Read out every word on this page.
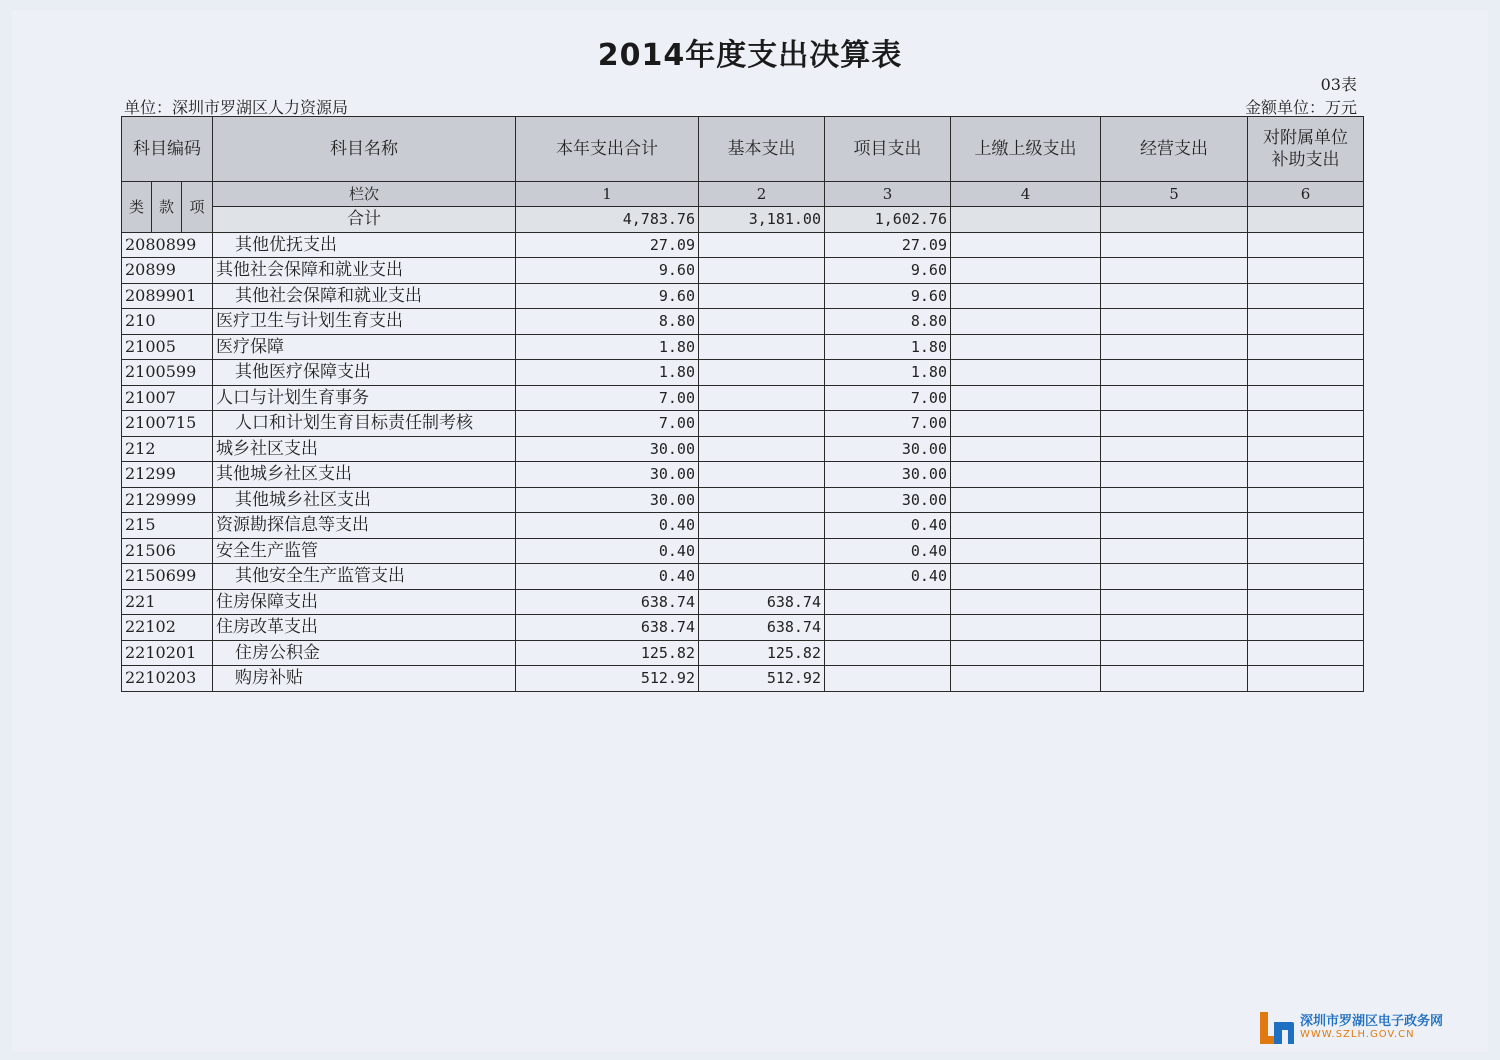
2014年度支出决算表
03表
单位：深圳市罗湖区人力资源局	金额单位：万元
科目编码			科目名称	本年支出合计	基本支出	项目支出	上缴上级支出	经营支出	对附属单位
补助支出
类	款	项	栏次	1	2	3	4	5	6
			合计	4,783.76	3,181.00	1,602.76			
2080899			其他优抚支出	27.09		27.09			
20899			其他社会保障和就业支出	9.60		9.60			
2089901			其他社会保障和就业支出	9.60		9.60			
210			医疗卫生与计划生育支出	8.80		8.80			
21005			医疗保障	1.80		1.80			
2100599			其他医疗保障支出	1.80		1.80			
21007			人口与计划生育事务	7.00		7.00			
2100715			人口和计划生育目标责任制考核	7.00		7.00			
212			城乡社区支出	30.00		30.00			
21299			其他城乡社区支出	30.00		30.00			
2129999			其他城乡社区支出	30.00		30.00			
215			资源勘探信息等支出	0.40		0.40			
21506			安全生产监管	0.40		0.40			
2150699			其他安全生产监管支出	0.40		0.40			
221			住房保障支出	638.74	638.74				
22102			住房改革支出	638.74	638.74				
2210201			住房公积金	125.82	125.82				
2210203			购房补贴	512.92	512.92				
深圳市罗湖区电子政务网
WWW.SZLH.GOV.CN
